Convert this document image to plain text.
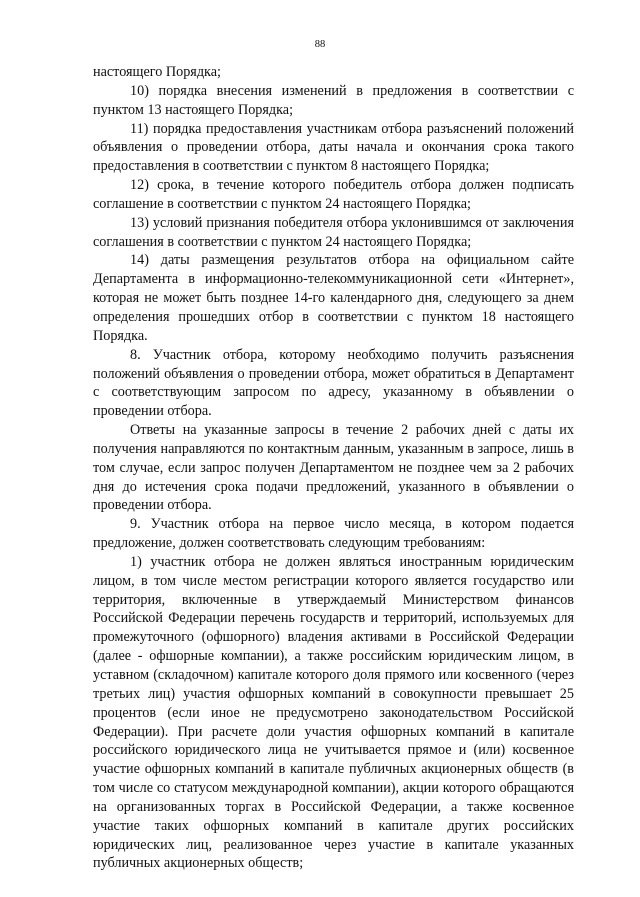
88

настоящего Порядка;

10) порядка внесения изменений в предложения в соответствии с пунктом 13 настоящего Порядка;

11) порядка предоставления участникам отбора разъяснений положений объявления о проведении отбора, даты начала и окончания срока такого предоставления в соответствии с пунктом 8 настоящего Порядка;

12) срока, в течение которого победитель отбора должен подписать соглашение в соответствии с пунктом 24 настоящего Порядка;

13) условий признания победителя отбора уклонившимся от заключения соглашения в соответствии с пунктом 24 настоящего Порядка;

14) даты размещения результатов отбора на официальном сайте Департамента в информационно-телекоммуникационной сети «Интернет», которая не может быть позднее 14-го календарного дня, следующего за днем определения прошедших отбор в соответствии с пунктом 18 настоящего Порядка.

8. Участник отбора, которому необходимо получить разъяснения положений объявления о проведении отбора, может обратиться в Департамент с соответствующим запросом по адресу, указанному в объявлении о проведении отбора.

Ответы на указанные запросы в течение 2 рабочих дней с даты их получения направляются по контактным данным, указанным в запросе, лишь в том случае, если запрос получен Департаментом не позднее чем за 2 рабочих дня до истечения срока подачи предложений, указанного в объявлении о проведении отбора.

9. Участник отбора на первое число месяца, в котором подается предложение, должен соответствовать следующим требованиям:

1) участник отбора не должен являться иностранным юридическим лицом, в том числе местом регистрации которого является государство или территория, включенные в утверждаемый Министерством финансов Российской Федерации перечень государств и территорий, используемых для промежуточного (офшорного) владения активами в Российской Федерации (далее - офшорные компании), а также российским юридическим лицом, в уставном (складочном) капитале которого доля прямого или косвенного (через третьих лиц) участия офшорных компаний в совокупности превышает 25 процентов (если иное не предусмотрено законодательством Российской Федерации). При расчете доли участия офшорных компаний в капитале российского юридического лица не учитывается прямое и (или) косвенное участие офшорных компаний в капитале публичных акционерных обществ (в том числе со статусом международной компании), акции которого обращаются на организованных торгах в Российской Федерации, а также косвенное участие таких офшорных компаний в капитале других российских юридических лиц, реализованное через участие в капитале указанных публичных акционерных обществ;
